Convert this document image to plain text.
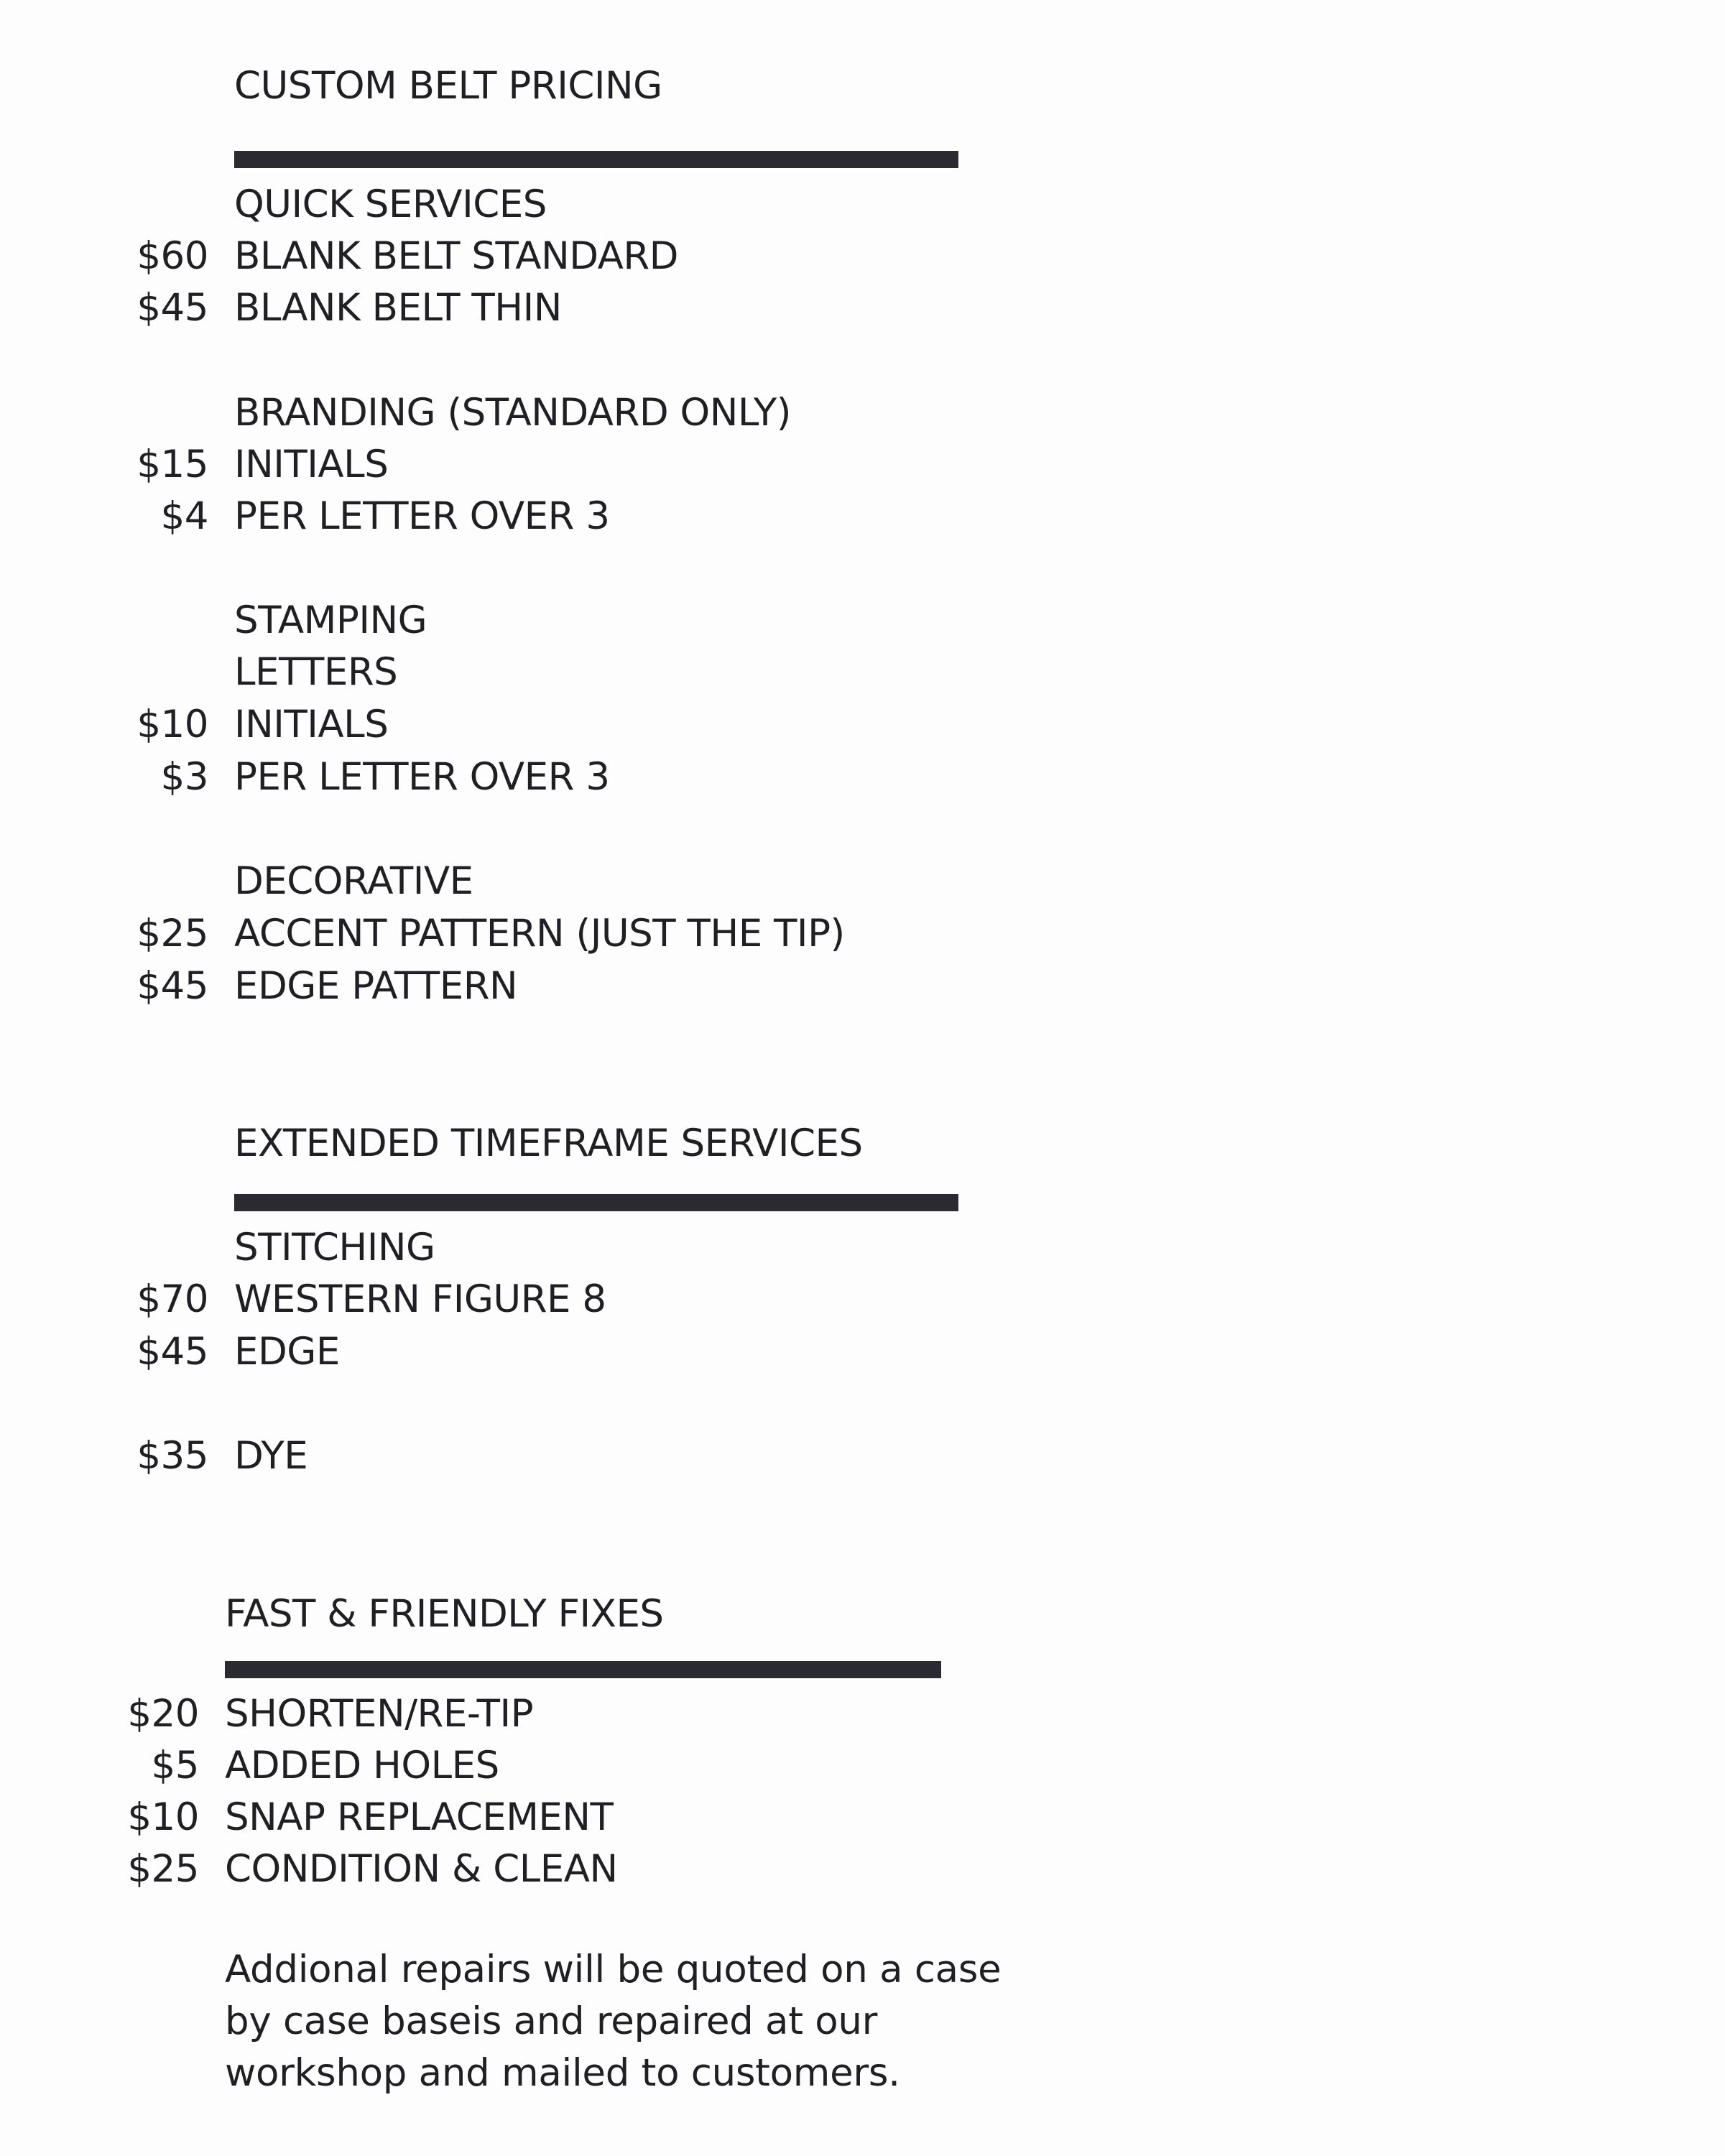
CUSTOM BELT PRICING
QUICK SERVICES
$60 BLANK BELT STANDARD
$45 BLANK BELT THIN
BRANDING (STANDARD ONLY)
$15 INITIALS
$4 PER LETTER OVER 3
STAMPING
LETTERS
$10 INITIALS
$3 PER LETTER OVER 3
DECORATIVE
$25 ACCENT PATTERN (JUST THE TIP)
$45 EDGE PATTERN
EXTENDED TIMEFRAME SERVICES
STITCHING
$70 WESTERN FIGURE 8
$45 EDGE
$35 DYE
FAST & FRIENDLY FIXES
$20 SHORTEN/RE-TIP
$5 ADDED HOLES
$10 SNAP REPLACEMENT
$25 CONDITION & CLEAN
Addional repairs will be quoted on a case
by case baseis and repaired at our
workshop and mailed to customers.
